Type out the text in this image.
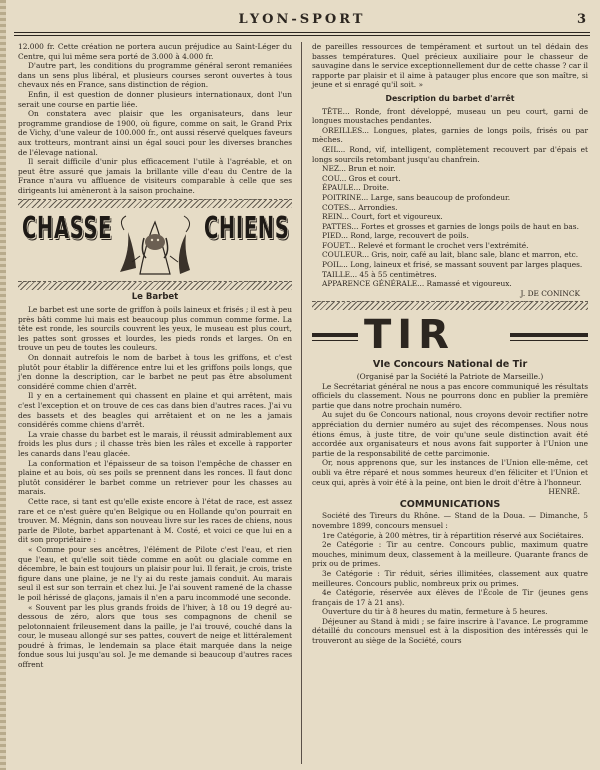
LYON-SPORT	3

12.000 fr. Cette création ne portera aucun préjudice au Saint-Léger du Centre, qui lui même sera porté de 3.000 à 4.000 fr.

D'autre part, les conditions du programme général seront remaniées dans un sens plus libéral, et plusieurs courses seront ouvertes à tous chevaux nés en France, sans distinction de région.

Enfin, il est question de donner plusieurs internationaux, dont l'un serait une course en partie liée.

On constatera avec plaisir que les organisateurs, dans leur programme grandiose de 1900, où figure, comme on sait, le Grand Prix de Vichy, d'une valeur de 100.000 fr., ont aussi réservé quelques faveurs aux trotteurs, montrant ainsi un égal souci pour les diverses branches de l'élevage national.

Il serait difficile d'unir plus efficacement l'utile à l'agréable, et on peut être assuré que jamais la brillante ville d'eau du Centre de la France n'aura vu affluence de visiteurs comparable à celle que ses dirigeants lui amèneront à la saison prochaine.

CHASSE	CHIENS
Le Barbet

Le barbet est une sorte de griffon à poils laineux et frisés ; il est à peu près bâti comme lui mais est beaucoup plus commun comme forme. La tête est ronde, les sourcils couvrent les yeux, le museau est plus court, les pattes sont grosses et lourdes, les pieds ronds et larges. On en trouve un peu de toutes les couleurs.

On donnait autrefois le nom de barbet à tous les griffons, et c'est plutôt pour établir la différence entre lui et les griffons poils longs, que j'en donne la description, car le barbet ne peut pas être absolument considéré comme chien d'arrêt.

Il y en a certainement qui chassent en plaine et qui arrêtent, mais c'est l'exception et on trouve de ces cas dans bien d'autres races. J'ai vu des bassets et des beagles qui arrêtaient et on ne les a jamais considérés comme chiens d'arrêt.

La vraie chasse du barbet est le marais, il réussit admirablement aux froids les plus durs ; il chasse très bien les râles et excelle à rapporter les canards dans l'eau glacée.

La conformation et l'épaisseur de sa toison l'empêche de chasser en plaine et au bois, où ses poils se prennent dans les ronces. Il faut donc plutôt considérer le barbet comme un retriever pour les chasses au marais.

Cette race, si tant est qu'elle existe encore à l'état de race, est assez rare et ce n'est guère qu'en Belgique ou en Hollande qu'on pourrait en trouver. M. Mégnin, dans son nouveau livre sur les races de chiens, nous parle de Pilote, barbet appartenant à M. Costé, et voici ce que lui en a dit son propriétaire :

« Comme pour ses ancêtres, l'élément de Pilote c'est l'eau, et rien que l'eau, et qu'elle soit tiède comme en août ou glaciale comme en décembre, le bain est toujours un plaisir pour lui. Il ferait, je crois, triste figure dans une plaine, je ne l'y ai du reste jamais conduit. Au marais seul il est sur son terrain et chez lui. Je l'ai souvent ramené de la chasse le poil hérissé de glaçons, jamais il n'en a paru incommodé une seconde.

« Souvent par les plus grands froids de l'hiver, à 18 ou 19 degré au-dessous de zéro, alors que tous ses compagnons de chenil se pelotonnaient frileusement dans la paille, je l'ai trouvé, couché dans la cour, le museau allongé sur ses pattes, couvert de neige et littéralement poudré à frimas, le lendemain sa place était marquée dans la neige fondue sous lui jusqu'au sol. Je me demande si beaucoup d'autres races offrent

de pareilles ressources de tempérament et surtout un tel dédain des basses températures. Quel précieux auxiliaire pour le chasseur de sauvagine dans le service exceptionnellement dur de cette chasse ? car il rapporte par plaisir et il aime à patauger plus encore que son maître, si jeune et si enragé qu'il soit. »

Description du barbet d'arrêt

TÊTE... Ronde, front développé, museau un peu court, garni de longues moustaches pendantes.

OREILLES... Longues, plates, garnies de longs poils, frisés ou par mèches.

ŒIL... Rond, vif, intelligent, complètement recouvert par d'épais et longs sourcils retombant jusqu'au chanfrein.

NEZ... Brun et noir.

COU... Gros et court.

ÉPAULE... Droite.

POITRINE... Large, sans beaucoup de profondeur.

COTES... Arrondies.

REIN... Court, fort et vigoureux.

PATTES... Fortes et grosses et garnies de longs poils de haut en bas.

PIED... Rond, large, recouvert de poils.

FOUET... Relevé et formant le crochet vers l'extrémité.

COULEUR... Gris, noir, café au lait, blanc sale, blanc et marron, etc.

POIL... Long, laineux et frisé, se massant souvent par larges plaques.

TAILLE... 45 à 55 centimètres.

APPARENCE GÉNÉRALE... Ramassé et vigoureux.

J. DE CONINCK
TIR
VIe Concours National de Tir

(Organisé par la Société la Patriote de Marseille.)

Le Secrétariat général ne nous a pas encore communiqué les résultats officiels du classement. Nous ne pourrons donc en publier la première partie que dans notre prochain numéro.

Au sujet du 6e Concours national, nous croyons devoir rectifier notre appréciation du dernier numéro au sujet des récompenses. Nous nous étions émus, à juste titre, de voir qu'une seule distinction avait été accordée aux organisateurs et nous avons fait supporter à l'Union une partie de la responsabilité de cette parcimonie.

Or, nous apprenons que, sur les instances de l'Union elle-même, cet oubli va être réparé et nous sommes heureux d'en féliciter et l'Union et ceux qui, après à voir été à la peine, ont bien le droit d'être à l'honneur.

HENRÉ.
COMMUNICATIONS

Société des Tireurs du Rhône. — Stand de la Doua. — Dimanche, 5 novembre 1899, concours mensuel :

1re Catégorie, à 200 mètres, tir à répartition réservé aux Sociétaires.

2e Catégorie : Tir au centre. Concours public, maximum quatre mouches, minimum deux, classement à la meilleure. Quarante francs de prix ou de primes.

3e Catégorie : Tir réduit, séries illimitées, classement aux quatre meilleures. Concours public, nombreux prix ou primes.

4e Catégorie, réservée aux élèves de l'École de Tir (jeunes gens français de 17 à 21 ans).

Ouverture du tir à 8 heures du matin, fermeture à 5 heures.

Déjeuner au Stand à midi ; se faire inscrire à l'avance. Le programme détaillé du concours mensuel est à la disposition des intéressés qui le trouveront au siège de la Société, cours
